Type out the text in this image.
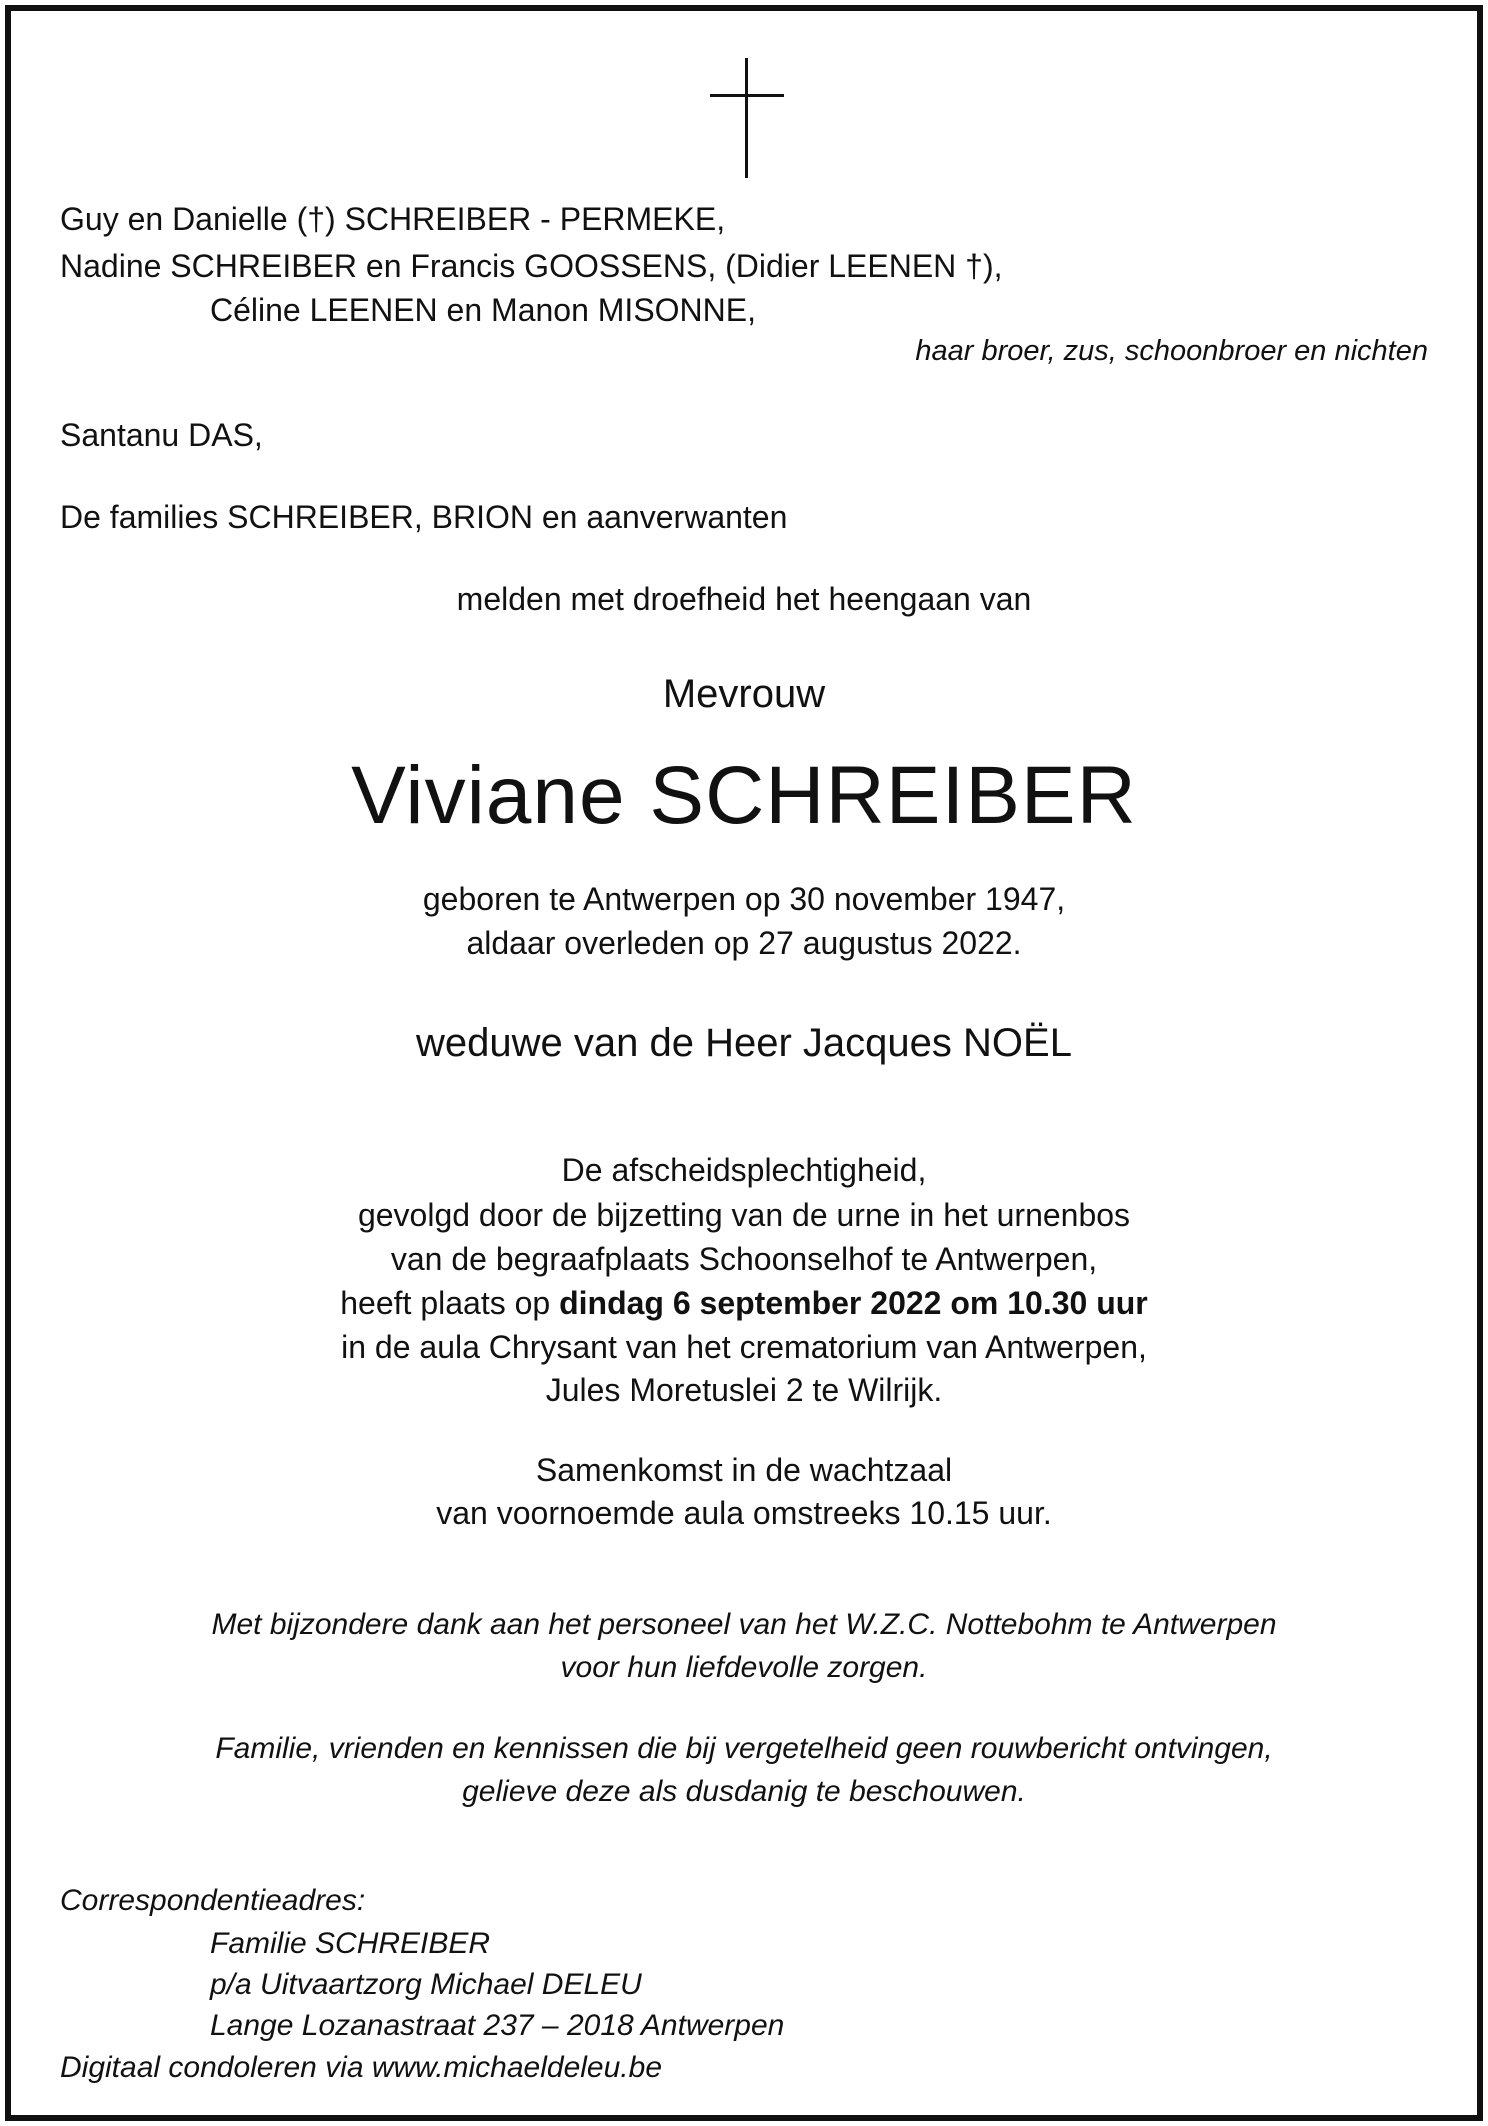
Guy en Danielle (†) SCHREIBER - PERMEKE,
Nadine SCHREIBER en Francis GOOSSENS, (Didier LEENEN †),
Céline LEENEN en Manon MISONNE,
haar broer, zus, schoonbroer en nichten
Santanu DAS,
De families SCHREIBER, BRION en aanverwanten
melden met droefheid het heengaan van
Mevrouw
Viviane SCHREIBER
geboren te Antwerpen op 30 november 1947,
aldaar overleden op 27 augustus 2022.
weduwe van de Heer Jacques NOËL
De afscheidsplechtigheid,
gevolgd door de bijzetting van de urne in het urnenbos
van de begraafplaats Schoonselhof te Antwerpen,
heeft plaats op dindag 6 september 2022 om 10.30 uur
in de aula Chrysant van het crematorium van Antwerpen,
Jules Moretuslei 2 te Wilrijk.
Samenkomst in de wachtzaal
van voornoemde aula omstreeks 10.15 uur.
Met bijzondere dank aan het personeel van het W.Z.C. Nottebohm te Antwerpen
voor hun liefdevolle zorgen.
Familie, vrienden en kennissen die bij vergetelheid geen rouwbericht ontvingen,
gelieve deze als dusdanig te beschouwen.
Correspondentieadres:
Familie SCHREIBER
p/a Uitvaartzorg Michael DELEU
Lange Lozanastraat 237 – 2018 Antwerpen
Digitaal condoleren via www.michaeldeleu.be
